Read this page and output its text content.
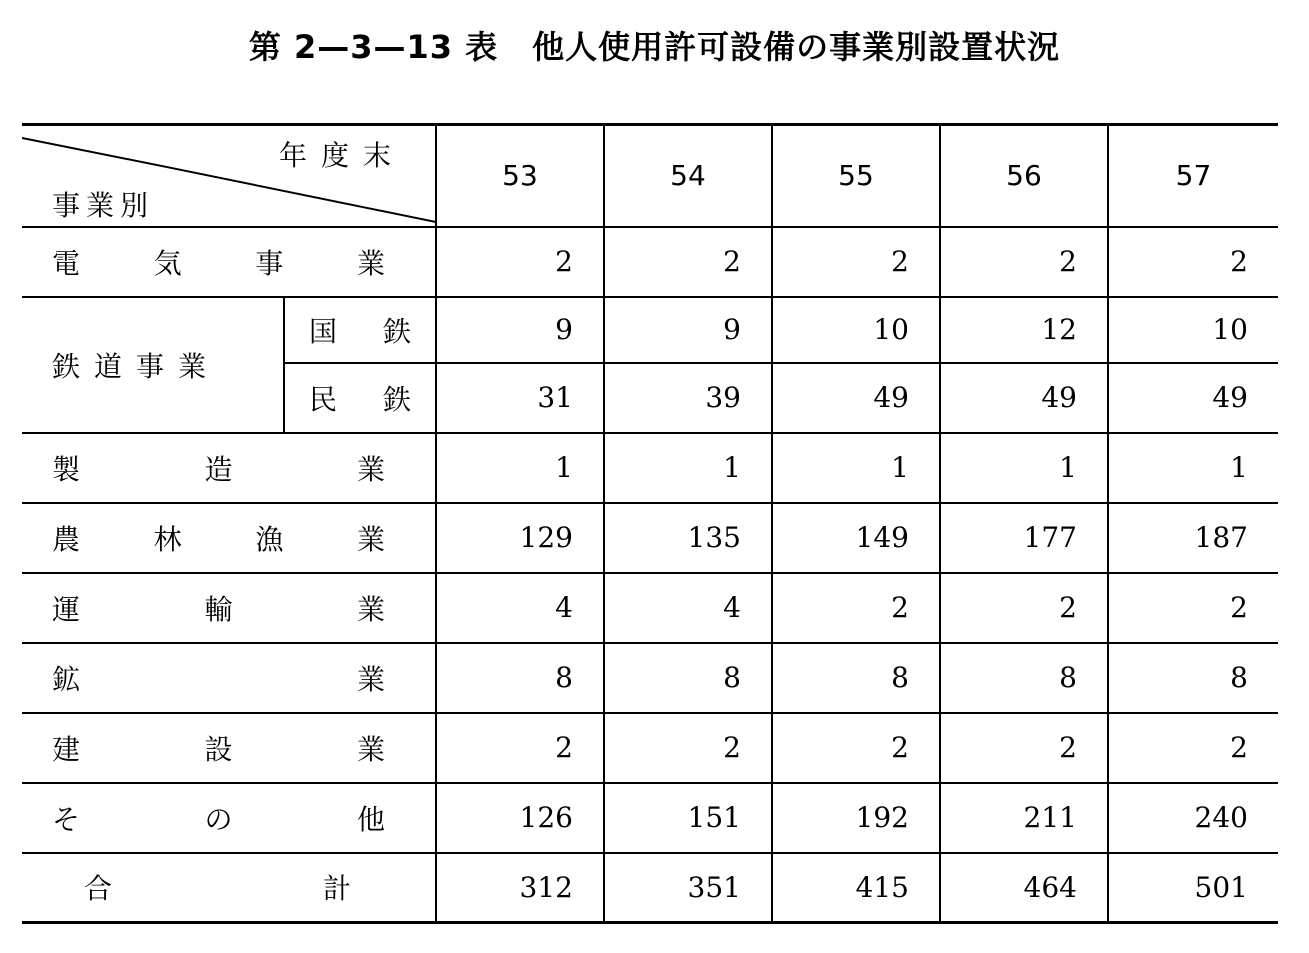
第 2—3—13 表 他人使用許可設備の事業別設置状況
年度末
事業別		53	54	55	56	57

電 気 事 業		2	2	2	2	2
鉄道事業	国 鉄	9	9	10	12	10

	民 鉄	31	39	49	49	49

製 造 業		1	1	1	1	1

農 林 漁 業		129	135	149	177	187

運 輸 業		4	4	2	2	2

鉱 業		8	8	8	8	8

建 設 業		2	2	2	2	2

そ の 他		126	151	192	211	240

合 計		312	351	415	464	501
